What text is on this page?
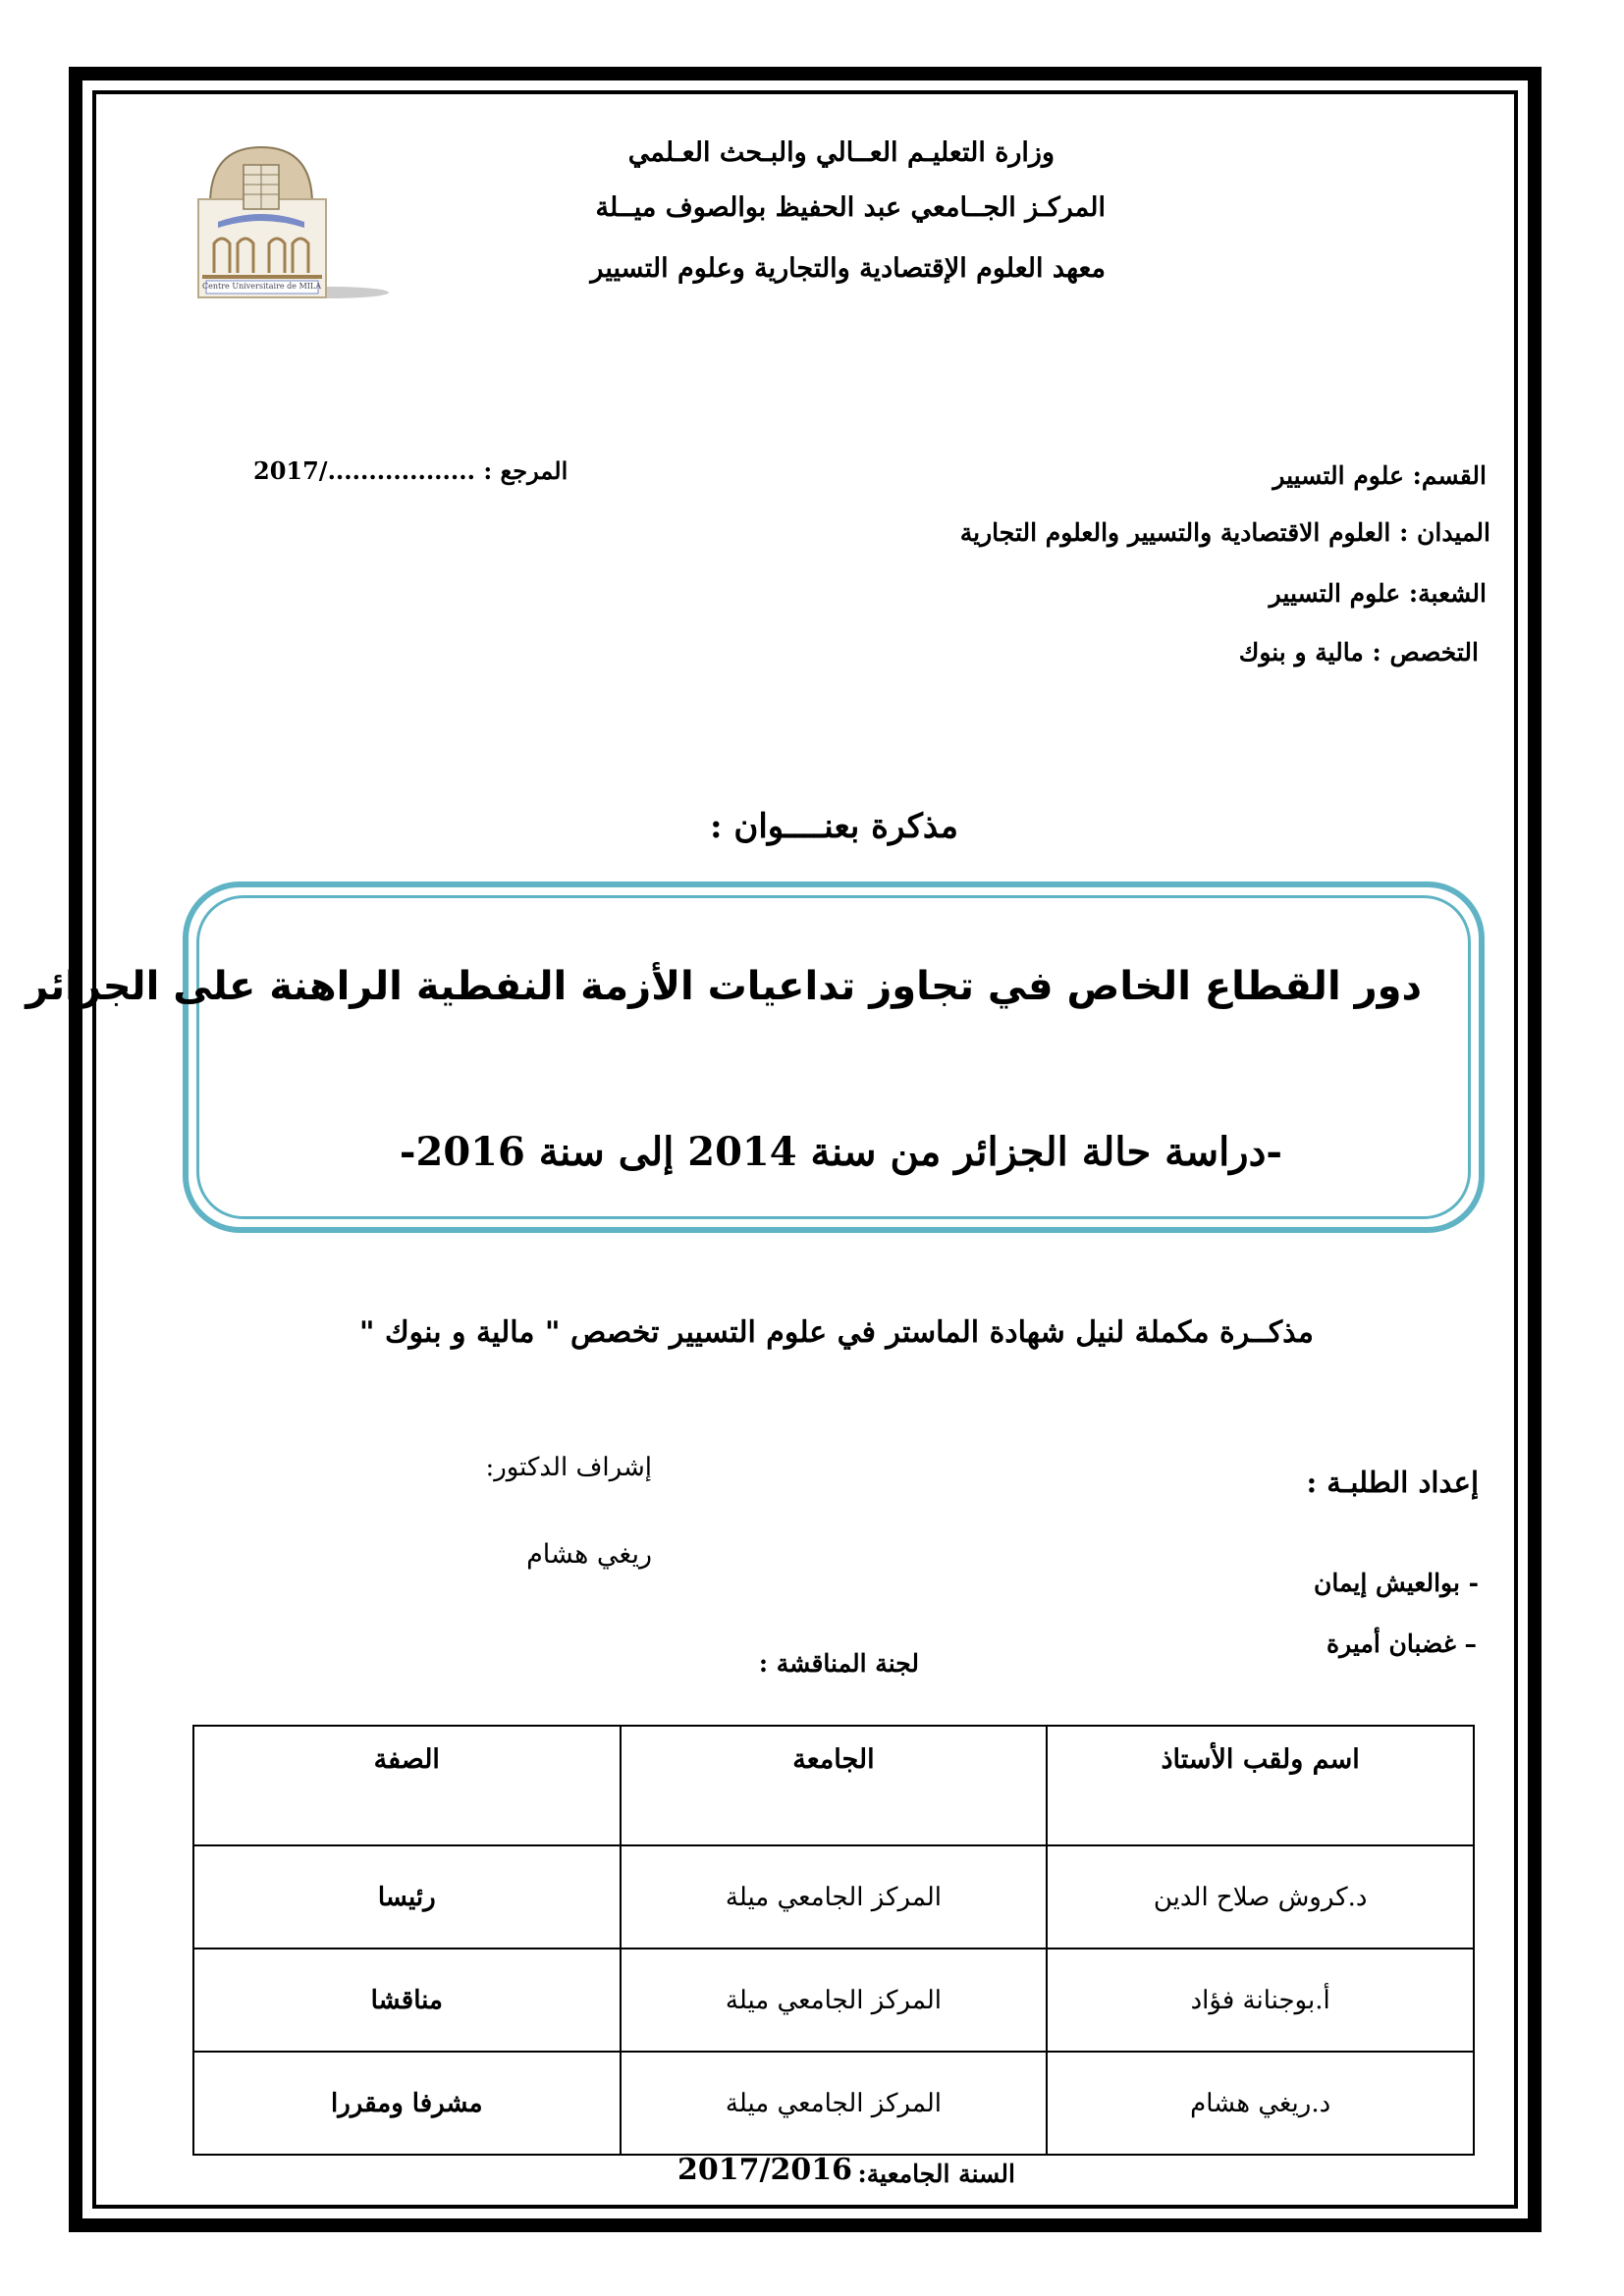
Centre Universitaire de MILA
وزارة التعليـم العــالي والبـحث العـلمي
المركـز الجــامعي عبد الحفيظ بوالصوف ميــلة
معهد العلوم الإقتصادية والتجارية وعلوم التسيير
المرجع : ................../2017	القسم: علوم التسيير
الميدان : العلوم الاقتصادية والتسيير والعلوم التجارية
الشعبة: علوم التسيير
التخصص : مالية و بنوك
مذكرة بعنــــوان :
دور القطاع الخاص في تجاوز تداعيات الأزمة النفطية الراهنة على الجزائر
-دراسة حالة الجزائر من سنة 2014 إلى سنة 2016-
مذكــرة مكملة لنيل شهادة الماستر في علوم التسيير تخصص " مالية و بنوك "
إعداد الطلبـة :
- بوالعيش إيمان
– غضبان أميرة
إشراف الدكتور:
ريغي هشام
لجنة المناقشة :
اسم ولقب الأستاذ	الجامعة	الصفة
د.كروش صلاح الدين	المركز الجامعي ميلة	رئيسا
أ.بوجنانة فؤاد	المركز الجامعي ميلة	مناقشا
د.ريغي هشام	المركز الجامعي ميلة	مشرفا ومقررا
السنة الجامعية:
2017/2016
